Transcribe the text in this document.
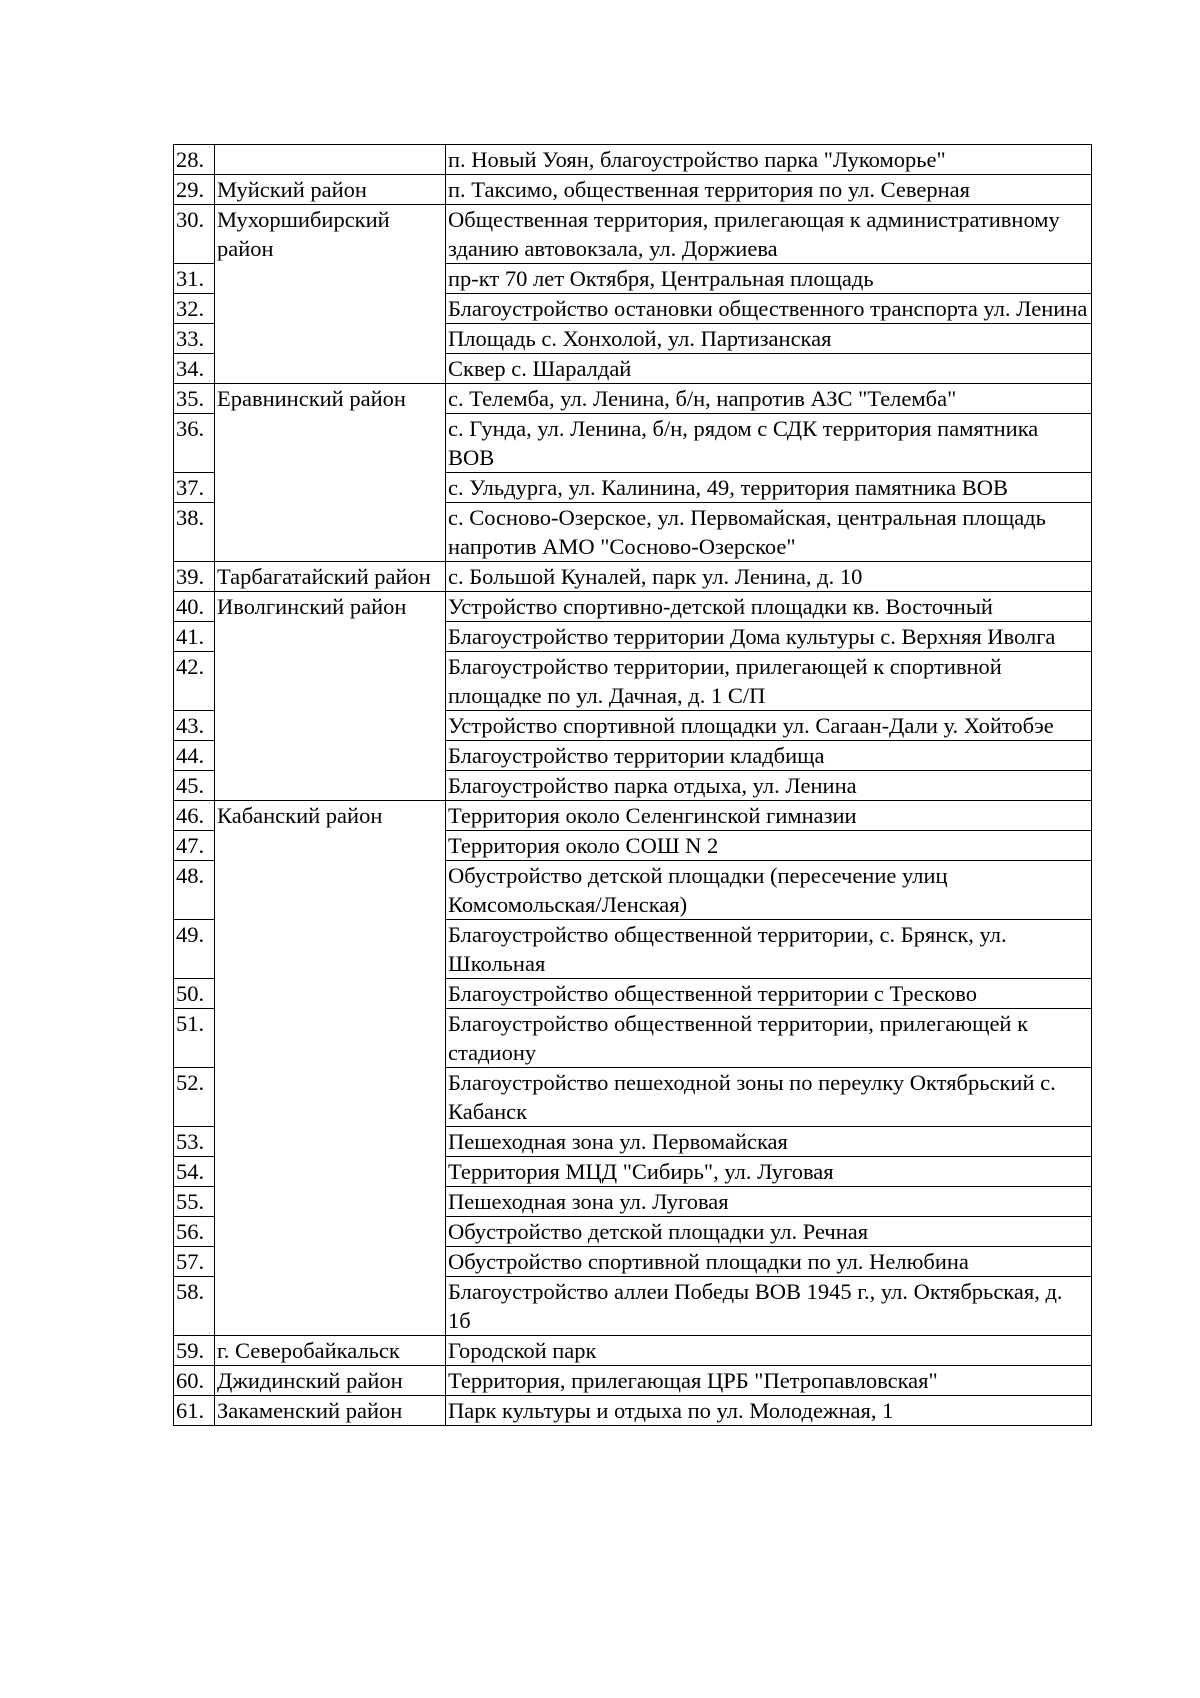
28.		п. Новый Уоян, благоустройство парка "Лукоморье"
29.	Муйский район	п. Таксимо, общественная территория по ул. Северная
30.	Мухоршибирский район	Общественная территория, прилегающая к административному зданию автовокзала, ул. Доржиева
31.		пр-кт 70 лет Октября, Центральная площадь
32.		Благоустройство остановки общественного транспорта ул. Ленина
33.		Площадь с. Хонхолой, ул. Партизанская
34.		Сквер с. Шаралдай
35.	Еравнинский район	с. Телемба, ул. Ленина, б/н, напротив АЗС "Телемба"
36.		с. Гунда, ул. Ленина, б/н, рядом с СДК территория памятника ВОВ
37.		с. Ульдурга, ул. Калинина, 49, территория памятника ВОВ
38.		с. Сосново-Озерское, ул. Первомайская, центральная площадь напротив АМО "Сосново-Озерское"
39.	Тарбагатайский район	с. Большой Куналей, парк ул. Ленина, д. 10
40.	Иволгинский район	Устройство спортивно-детской площадки кв. Восточный
41.		Благоустройство территории Дома культуры с. Верхняя Иволга
42.		Благоустройство территории, прилегающей к спортивной площадке по ул. Дачная, д. 1 С/П
43.		Устройство спортивной площадки ул. Сагаан-Дали у. Хойтобэе
44.		Благоустройство территории кладбища
45.		Благоустройство парка отдыха, ул. Ленина
46.	Кабанский район	Территория около Селенгинской гимназии
47.		Территория около СОШ N 2
48.		Обустройство детской площадки (пересечение улиц Комсомольская/Ленская)
49.		Благоустройство общественной территории, с. Брянск, ул. Школьная
50.		Благоустройство общественной территории с Тресково
51.		Благоустройство общественной территории, прилегающей к стадиону
52.		Благоустройство пешеходной зоны по переулку Октябрьский с. Кабанск
53.		Пешеходная зона ул. Первомайская
54.		Территория МЦД "Сибирь", ул. Луговая
55.		Пешеходная зона ул. Луговая
56.		Обустройство детской площадки ул. Речная
57.		Обустройство спортивной площадки по ул. Нелюбина
58.		Благоустройство аллеи Победы ВОВ 1945 г., ул. Октябрьская, д. 1б
59.	г. Северобайкальск	Городской парк
60.	Джидинский район	Территория, прилегающая ЦРБ "Петропавловская"
61.	Закаменский район	Парк культуры и отдыха по ул. Молодежная, 1
